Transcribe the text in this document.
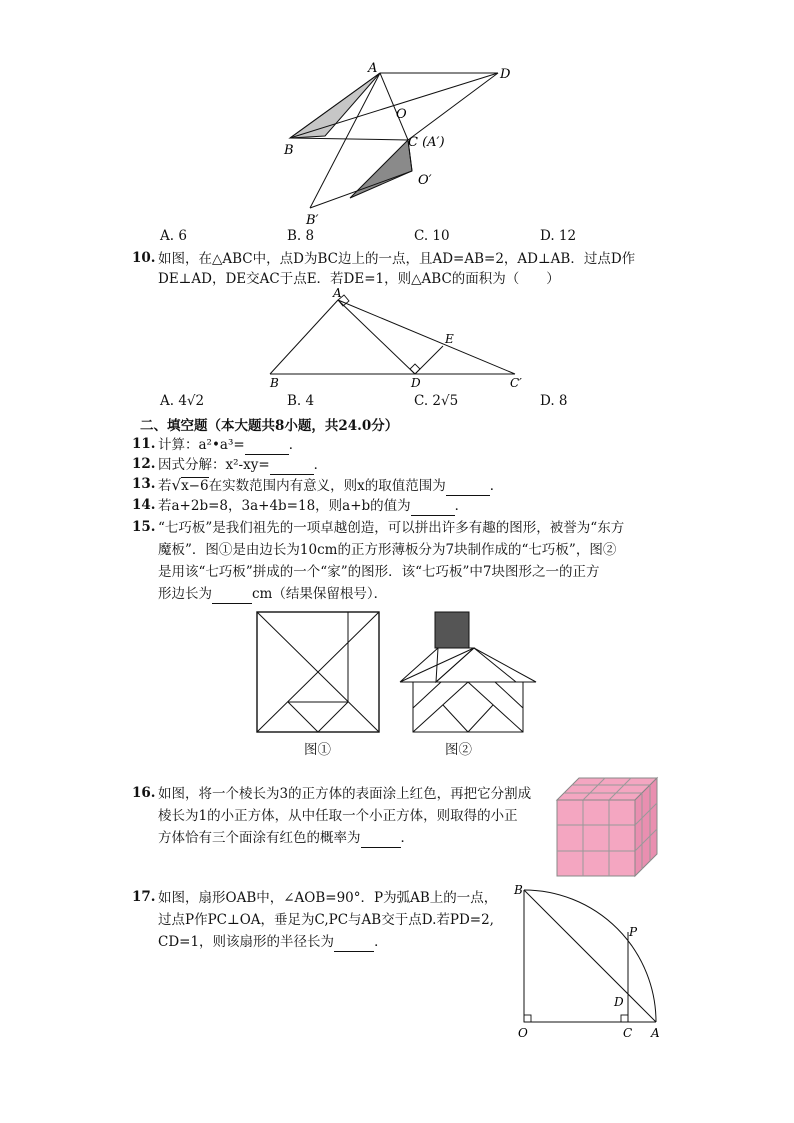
A	D
O
B
C (A′)
O′
B′
A. 6	B. 8	C. 10	D. 12
10. 如图，在△ABC中，点D为BC边上的一点，且AD=AB=2，AD⊥AB．过点D作
DE⊥AD，DE交AC于点E．若DE=1，则△ABC的面积为（　　）
A
B	D
E
C′
A. 4√2	B. 4	C. 2√5	D. 8
二、填空题（本大题共8小题，共24.0分）
11. 计算：a²•a³=	．
12. 因式分解：x²-xy=	．
13. 若√x−6在实数范围内有意义，则x的取值范围为	．
14. 若a+2b=8，3a+4b=18，则a+b的值为	．
15. “七巧板”是我们祖先的一项卓越创造，可以拼出许多有趣的图形，被誉为“东方
魔板”．图①是由边长为10cm的正方形薄板分为7块制作成的“七巧板”，图②
是用该“七巧板”拼成的一个“家”的图形．该“七巧板”中7块图形之一的正方
形边长为	cm（结果保留根号）．
图①	图②
16. 如图，将一个棱长为3的正方体的表面涂上红色，再把它分割成
棱长为1的小正方体，从中任取一个小正方体，则取得的小正
方体恰有三个面涂有红色的概率为	．
17. 如图，扇形OAB中，∠AOB=90°．P为弧AB上的一点，
过点P作PC⊥OA，垂足为C,PC与AB交于点D.若PD=2,
CD=1，则该扇形的半径长为	．
B
P
D
O	C A
